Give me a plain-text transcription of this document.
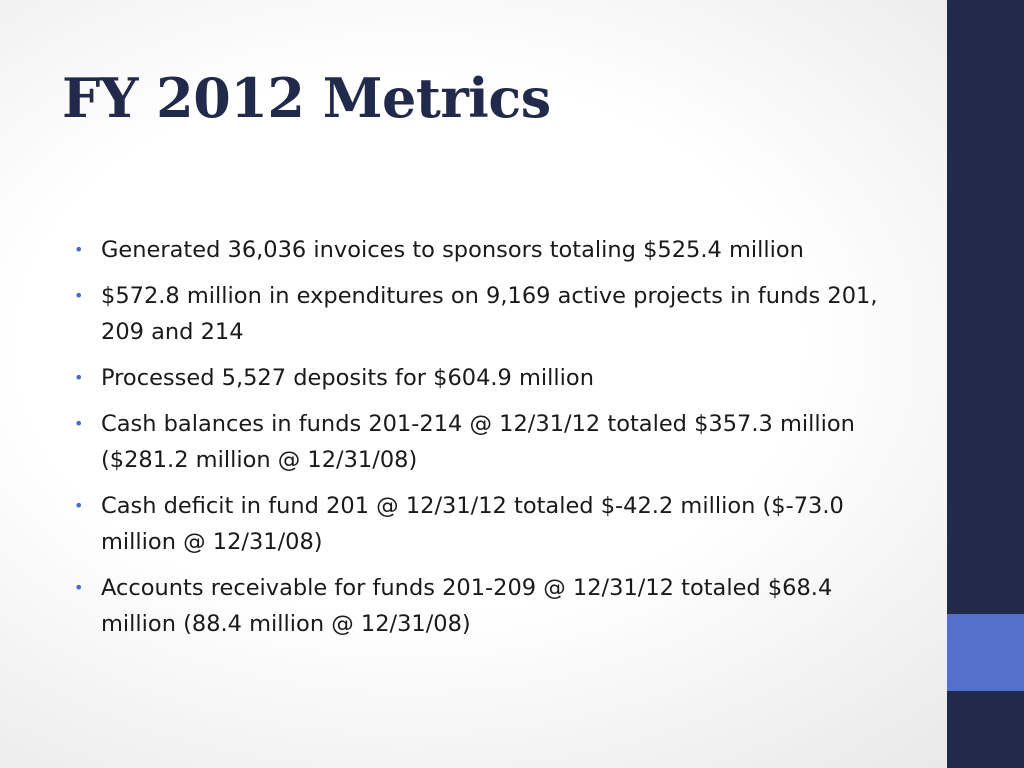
FY 2012 Metrics
• Generated 36,036 invoices to sponsors totaling $525.4 million
• $572.8 million in expenditures on 9,169 active projects in funds 201, 209 and 214
• Processed 5,527 deposits for $604.9 million
• Cash balances in funds 201-214 @ 12/31/12 totaled $357.3 million ($281.2 million @ 12/31/08)
• Cash deficit in fund 201 @ 12/31/12 totaled $-42.2 million ($-73.0 million @ 12/31/08)
• Accounts receivable for funds 201-209 @ 12/31/12 totaled $68.4 million (88.4 million @ 12/31/08)
